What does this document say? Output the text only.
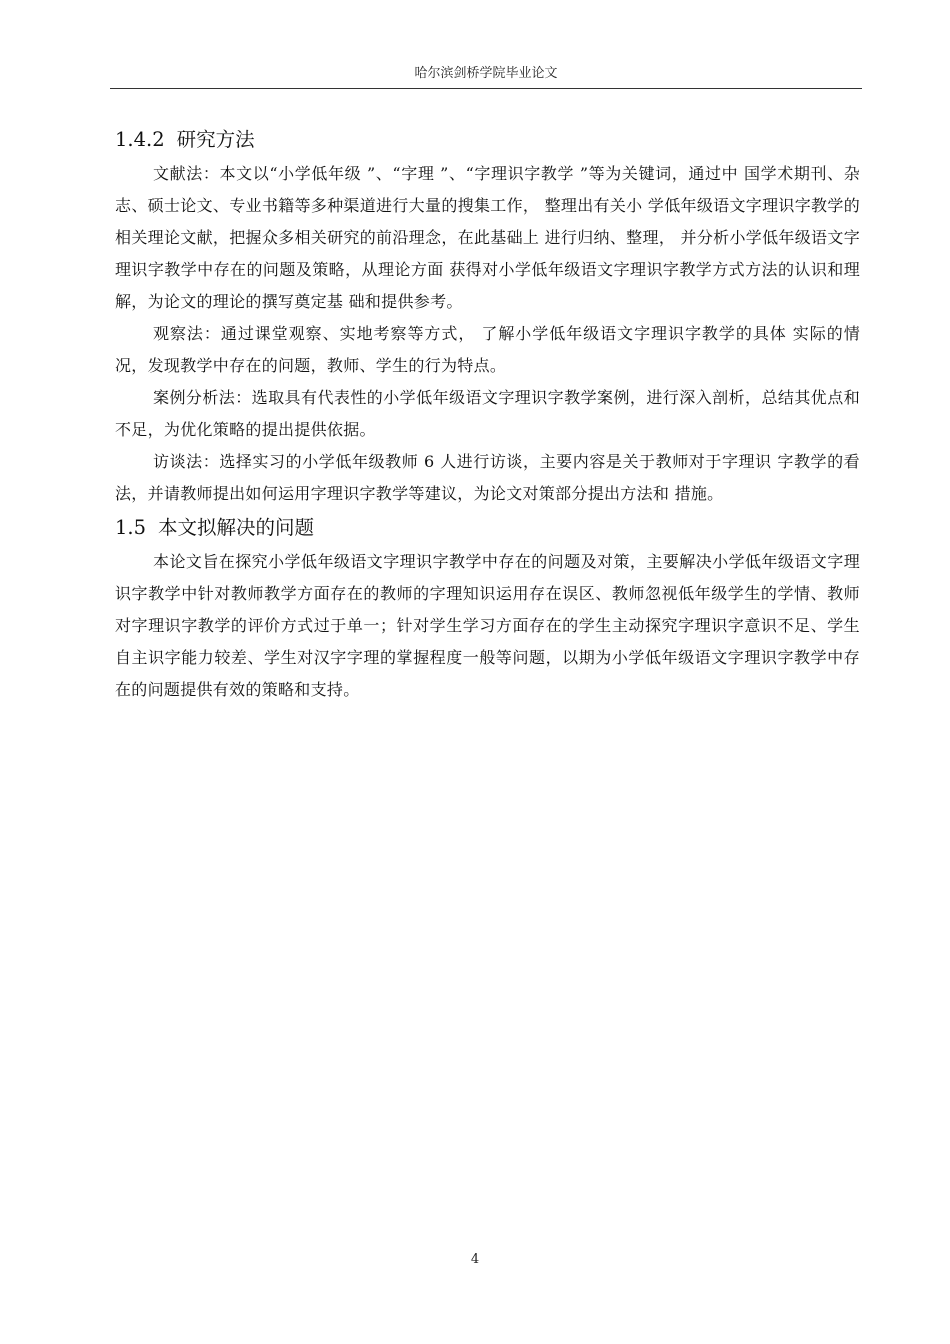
哈尔滨剑桥学院毕业论文
1.4.2 研究方法

文献法：本文以“小学低年级 ”、“字理 ”、“字理识字教学 ”等为关键词，通过中 国学术期刊、杂志、硕士论文、专业书籍等多种渠道进行大量的搜集工作， 整理出有关小 学低年级语文字理识字教学的相关理论文献，把握众多相关研究的前沿理念，在此基础上 进行归纳、整理， 并分析小学低年级语文字理识字教学中存在的问题及策略，从理论方面 获得对小学低年级语文字理识字教学方式方法的认识和理解，为论文的理论的撰写奠定基 础和提供参考。

观察法：通过课堂观察、实地考察等方式， 了解小学低年级语文字理识字教学的具体 实际的情况，发现教学中存在的问题，教师、学生的行为特点。

案例分析法：选取具有代表性的小学低年级语文字理识字教学案例，进行深入剖析，总结其优点和不足，为优化策略的提出提供依据。

访谈法：选择实习的小学低年级教师 6 人进行访谈，主要内容是关于教师对于字理识 字教学的看法，并请教师提出如何运用字理识字教学等建议，为论文对策部分提出方法和 措施。

1.5 本文拟解决的问题

本论文旨在探究小学低年级语文字理识字教学中存在的问题及对策，主要解决小学低年级语文字理识字教学中针对教师教学方面存在的教师的字理知识运用存在误区、教师忽视低年级学生的学情、教师对字理识字教学的评价方式过于单一；针对学生学习方面存在的学生主动探究字理识字意识不足、学生自主识字能力较差、学生对汉字字理的掌握程度一般等问题，以期为小学低年级语文字理识字教学中存在的问题提供有效的策略和支持。

4
